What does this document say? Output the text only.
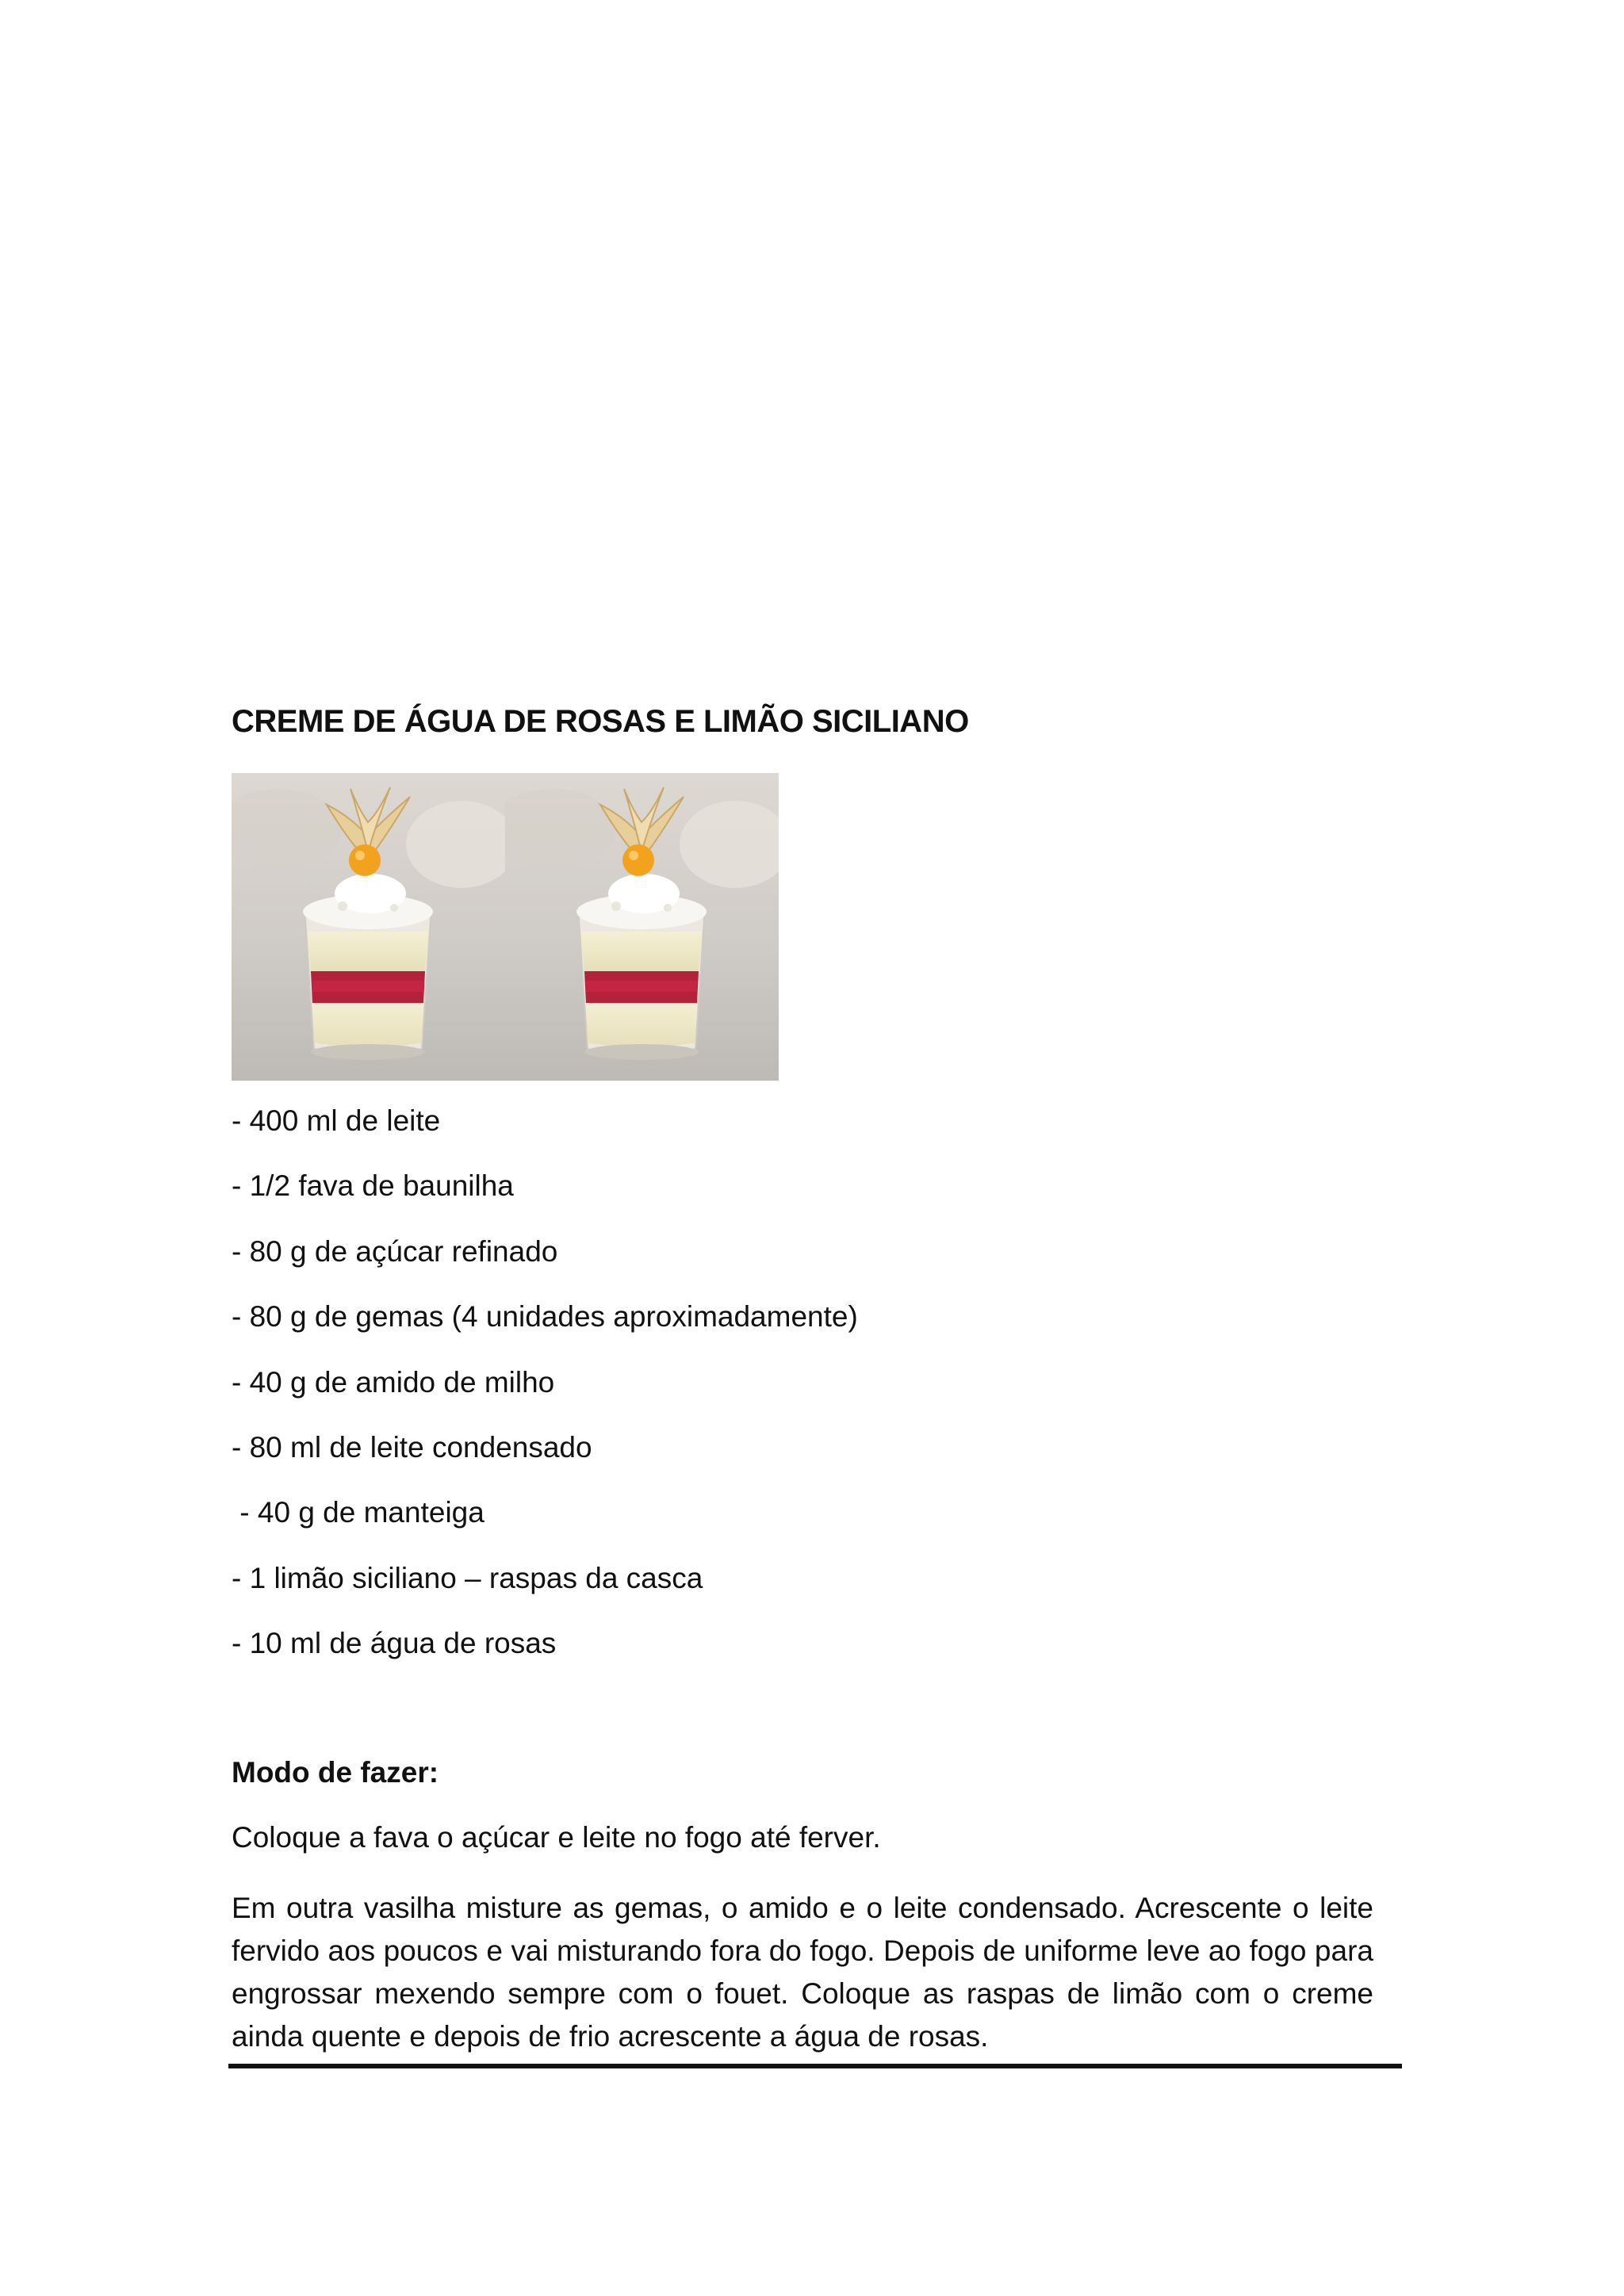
CREME DE ÁGUA DE ROSAS E LIMÃO SICILIANO
- 400 ml de leite
- 1/2 fava de baunilha
- 80 g de açúcar refinado
- 80 g de gemas (4 unidades aproximadamente)
- 40 g de amido de milho
- 80 ml de leite condensado
- 40 g de manteiga
- 1 limão siciliano – raspas da casca
- 10 ml de água de rosas
Modo de fazer:
Coloque a fava o açúcar e leite no fogo até ferver.
Em outra vasilha misture as gemas, o amido e o leite condensado. Acrescente o leite fervido aos poucos e vai misturando fora do fogo. Depois de uniforme leve ao fogo para engrossar mexendo sempre com o fouet. Coloque as raspas de limão com o creme ainda quente e depois de frio acrescente a água de rosas.
